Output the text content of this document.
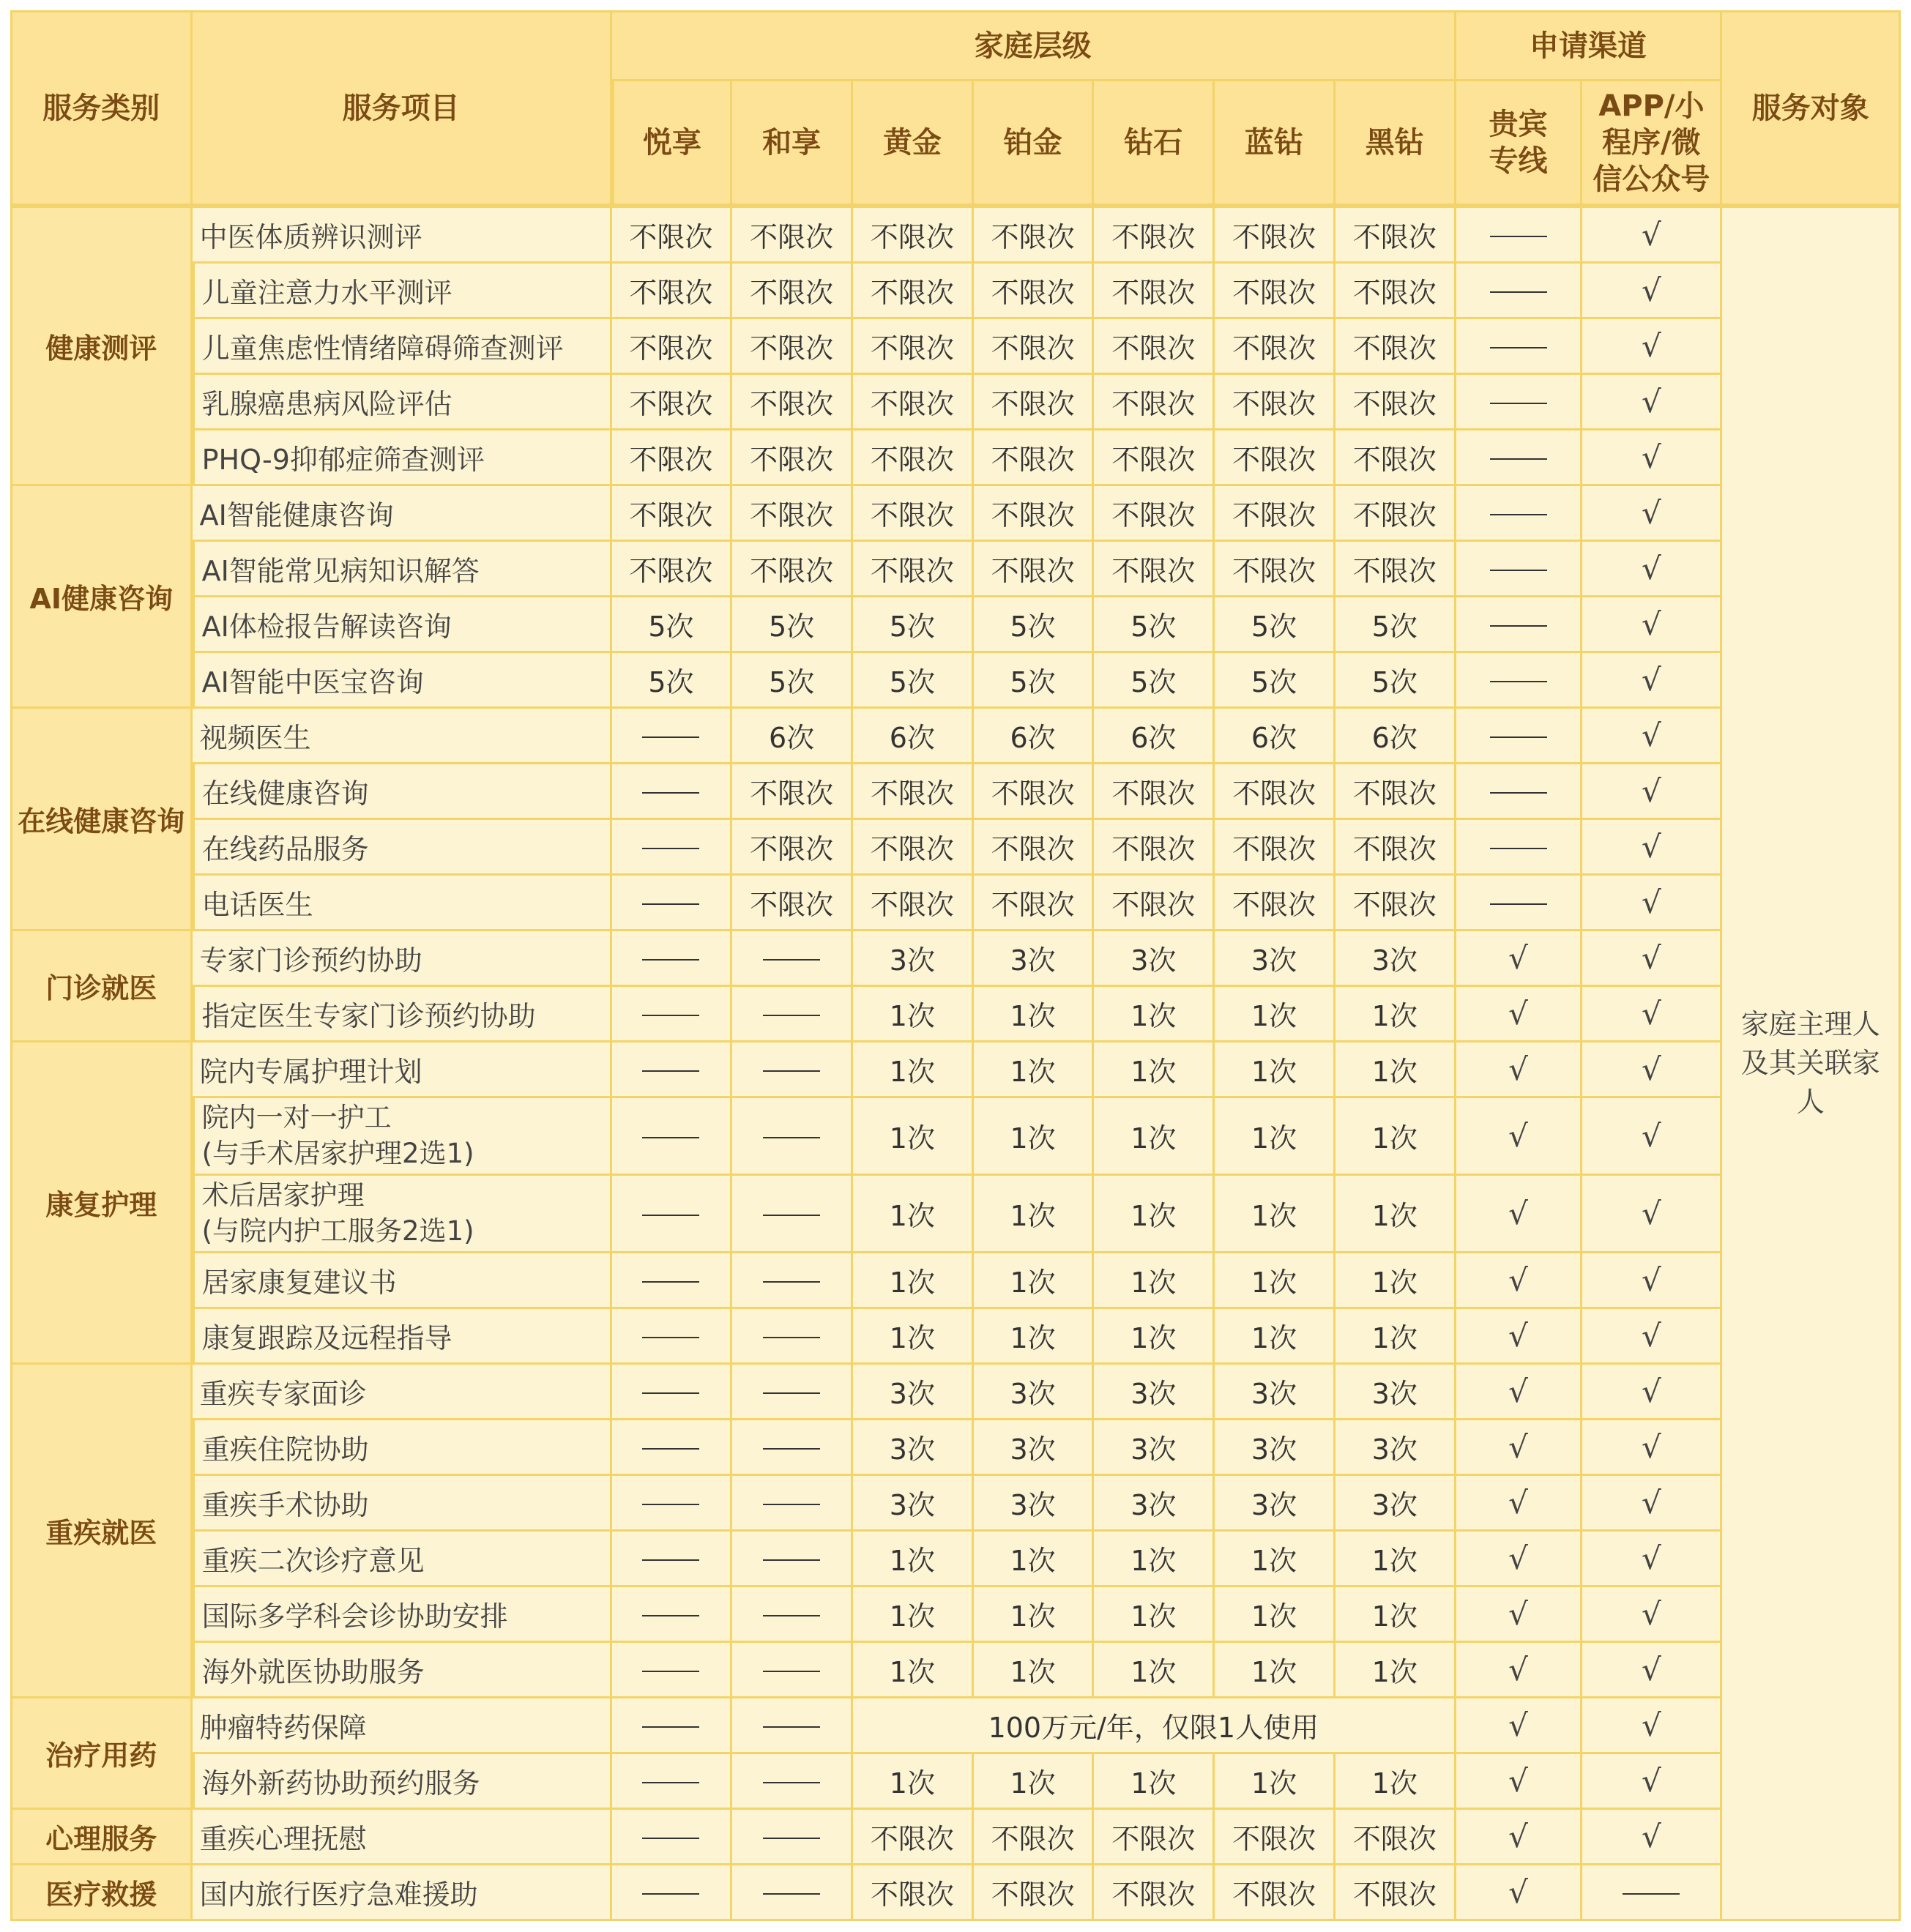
服务类别	服务项目	家庭层级							申请渠道		服务对象
		悦享	和享	黄金	铂金	钻石	蓝钻	黑钻	贵宾专线	APP/小程序/微信公众号	
健康测评	中医体质辨识测评	不限次	不限次	不限次	不限次	不限次	不限次	不限次		√	家庭主理人及其关联家人

	儿童注意力水平测评	不限次	不限次	不限次	不限次	不限次	不限次	不限次		√	

	儿童焦虑性情绪障碍筛查测评	不限次	不限次	不限次	不限次	不限次	不限次	不限次		√	

	乳腺癌患病风险评估	不限次	不限次	不限次	不限次	不限次	不限次	不限次		√	

	PHQ-9抑郁症筛查测评	不限次	不限次	不限次	不限次	不限次	不限次	不限次		√	
AI健康咨询	AI智能健康咨询	不限次	不限次	不限次	不限次	不限次	不限次	不限次		√	

	AI智能常见病知识解答	不限次	不限次	不限次	不限次	不限次	不限次	不限次		√	

	AI体检报告解读咨询	5次	5次	5次	5次	5次	5次	5次		√	

	AI智能中医宝咨询	5次	5次	5次	5次	5次	5次	5次		√	
在线健康咨询	视频医生		6次	6次	6次	6次	6次	6次		√	

	在线健康咨询		不限次	不限次	不限次	不限次	不限次	不限次		√	

	在线药品服务		不限次	不限次	不限次	不限次	不限次	不限次		√	

	电话医生		不限次	不限次	不限次	不限次	不限次	不限次		√	
门诊就医	专家门诊预约协助			3次	3次	3次	3次	3次	√	√	

	指定医生专家门诊预约协助			1次	1次	1次	1次	1次	√	√	
康复护理	院内专属护理计划			1次	1次	1次	1次	1次	√	√	

	院内一对一护工
(与手术居家护理2选1)			1次	1次	1次	1次	1次	√	√	

	术后居家护理
(与院内护工服务2选1)			1次	1次	1次	1次	1次	√	√	

	居家康复建议书			1次	1次	1次	1次	1次	√	√	

	康复跟踪及远程指导			1次	1次	1次	1次	1次	√	√	
重疾就医	重疾专家面诊			3次	3次	3次	3次	3次	√	√	

	重疾住院协助			3次	3次	3次	3次	3次	√	√	

	重疾手术协助			3次	3次	3次	3次	3次	√	√	

	重疾二次诊疗意见			1次	1次	1次	1次	1次	√	√	

	国际多学科会诊协助安排			1次	1次	1次	1次	1次	√	√	

	海外就医协助服务			1次	1次	1次	1次	1次	√	√	
治疗用药	肿瘤特药保障			100万元/年，仅限1人使用					√	√	

	海外新药协助预约服务			1次	1次	1次	1次	1次	√	√	
心理服务	重疾心理抚慰			不限次	不限次	不限次	不限次	不限次	√	√	
医疗救援	国内旅行医疗急难援助			不限次	不限次	不限次	不限次	不限次	√		
